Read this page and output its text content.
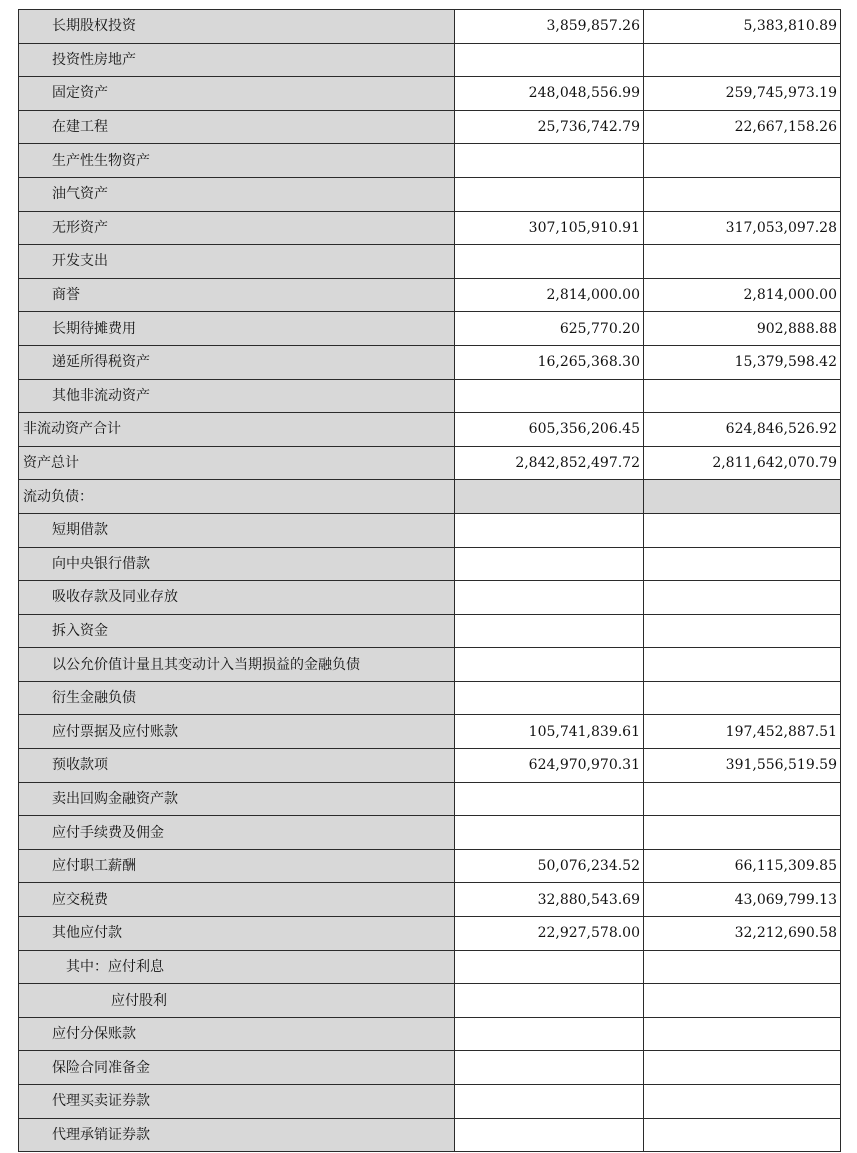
长期股权投资	3,859,857.26	5,383,810.89
投资性房地产		
固定资产	248,048,556.99	259,745,973.19
在建工程	25,736,742.79	22,667,158.26
生产性生物资产		
油气资产		
无形资产	307,105,910.91	317,053,097.28
开发支出		
商誉	2,814,000.00	2,814,000.00
长期待摊费用	625,770.20	902,888.88
递延所得税资产	16,265,368.30	15,379,598.42
其他非流动资产		
非流动资产合计	605,356,206.45	624,846,526.92
资产总计	2,842,852,497.72	2,811,642,070.79
流动负债：		
短期借款		
向中央银行借款		
吸收存款及同业存放		
拆入资金		
以公允价值计量且其变动计入当期损益的金融负债		
衍生金融负债		
应付票据及应付账款	105,741,839.61	197,452,887.51
预收款项	624,970,970.31	391,556,519.59
卖出回购金融资产款		
应付手续费及佣金		
应付职工薪酬	50,076,234.52	66,115,309.85
应交税费	32,880,543.69	43,069,799.13
其他应付款	22,927,578.00	32,212,690.58
其中：应付利息		
应付股利		
应付分保账款		
保险合同准备金		
代理买卖证券款		
代理承销证券款		
